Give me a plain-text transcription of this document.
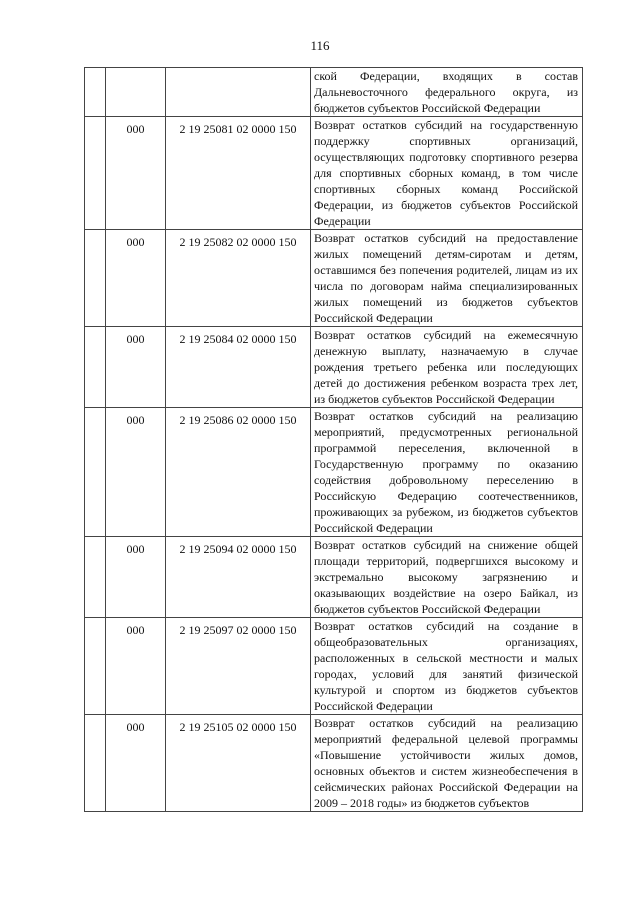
116
			ской Федерации, входящих в состав Дальневосточного федерального округа, из бюджетов субъектов Российской Федерации
	000	2 19 25081 02 0000 150	Возврат остатков субсидий на государственную поддержку спортивных организаций, осуществляющих подготовку спортивного резерва для спортивных сборных команд, в том числе спортивных сборных команд Российской Федерации, из бюджетов субъектов Российской Федерации
	000	2 19 25082 02 0000 150	Возврат остатков субсидий на предоставление жилых помещений детям-сиротам и детям, оставшимся без попечения родителей, лицам из их числа по договорам найма специализированных жилых помещений из бюджетов субъектов Российской Федерации
	000	2 19 25084 02 0000 150	Возврат остатков субсидий на ежемесячную денежную выплату, назначаемую в случае рождения третьего ребенка или последующих детей до достижения ребенком возраста трех лет, из бюджетов субъектов Российской Федерации
	000	2 19 25086 02 0000 150	Возврат остатков субсидий на реализацию мероприятий, предусмотренных региональной программой переселения, включенной в Государственную программу по оказанию содействия добровольному переселению в Российскую Федерацию соотечественников, проживающих за рубежом, из бюджетов субъектов Российской Федерации
	000	2 19 25094 02 0000 150	Возврат остатков субсидий на снижение общей площади территорий, подвергшихся высокому и экстремально высокому загрязнению и оказывающих воздействие на озеро Байкал, из бюджетов субъектов Российской Федерации
	000	2 19 25097 02 0000 150	Возврат остатков субсидий на создание в общеобразовательных организациях, расположенных в сельской местности и малых городах, условий для занятий физической культурой и спортом из бюджетов субъектов Российской Федерации
	000	2 19 25105 02 0000 150	Возврат остатков субсидий на реализацию мероприятий федеральной целевой программы «Повышение устойчивости жилых домов, основных объектов и систем жизнеобеспечения в сейсмических районах Российской Федерации на 2009 – 2018 годы» из бюджетов субъектов
